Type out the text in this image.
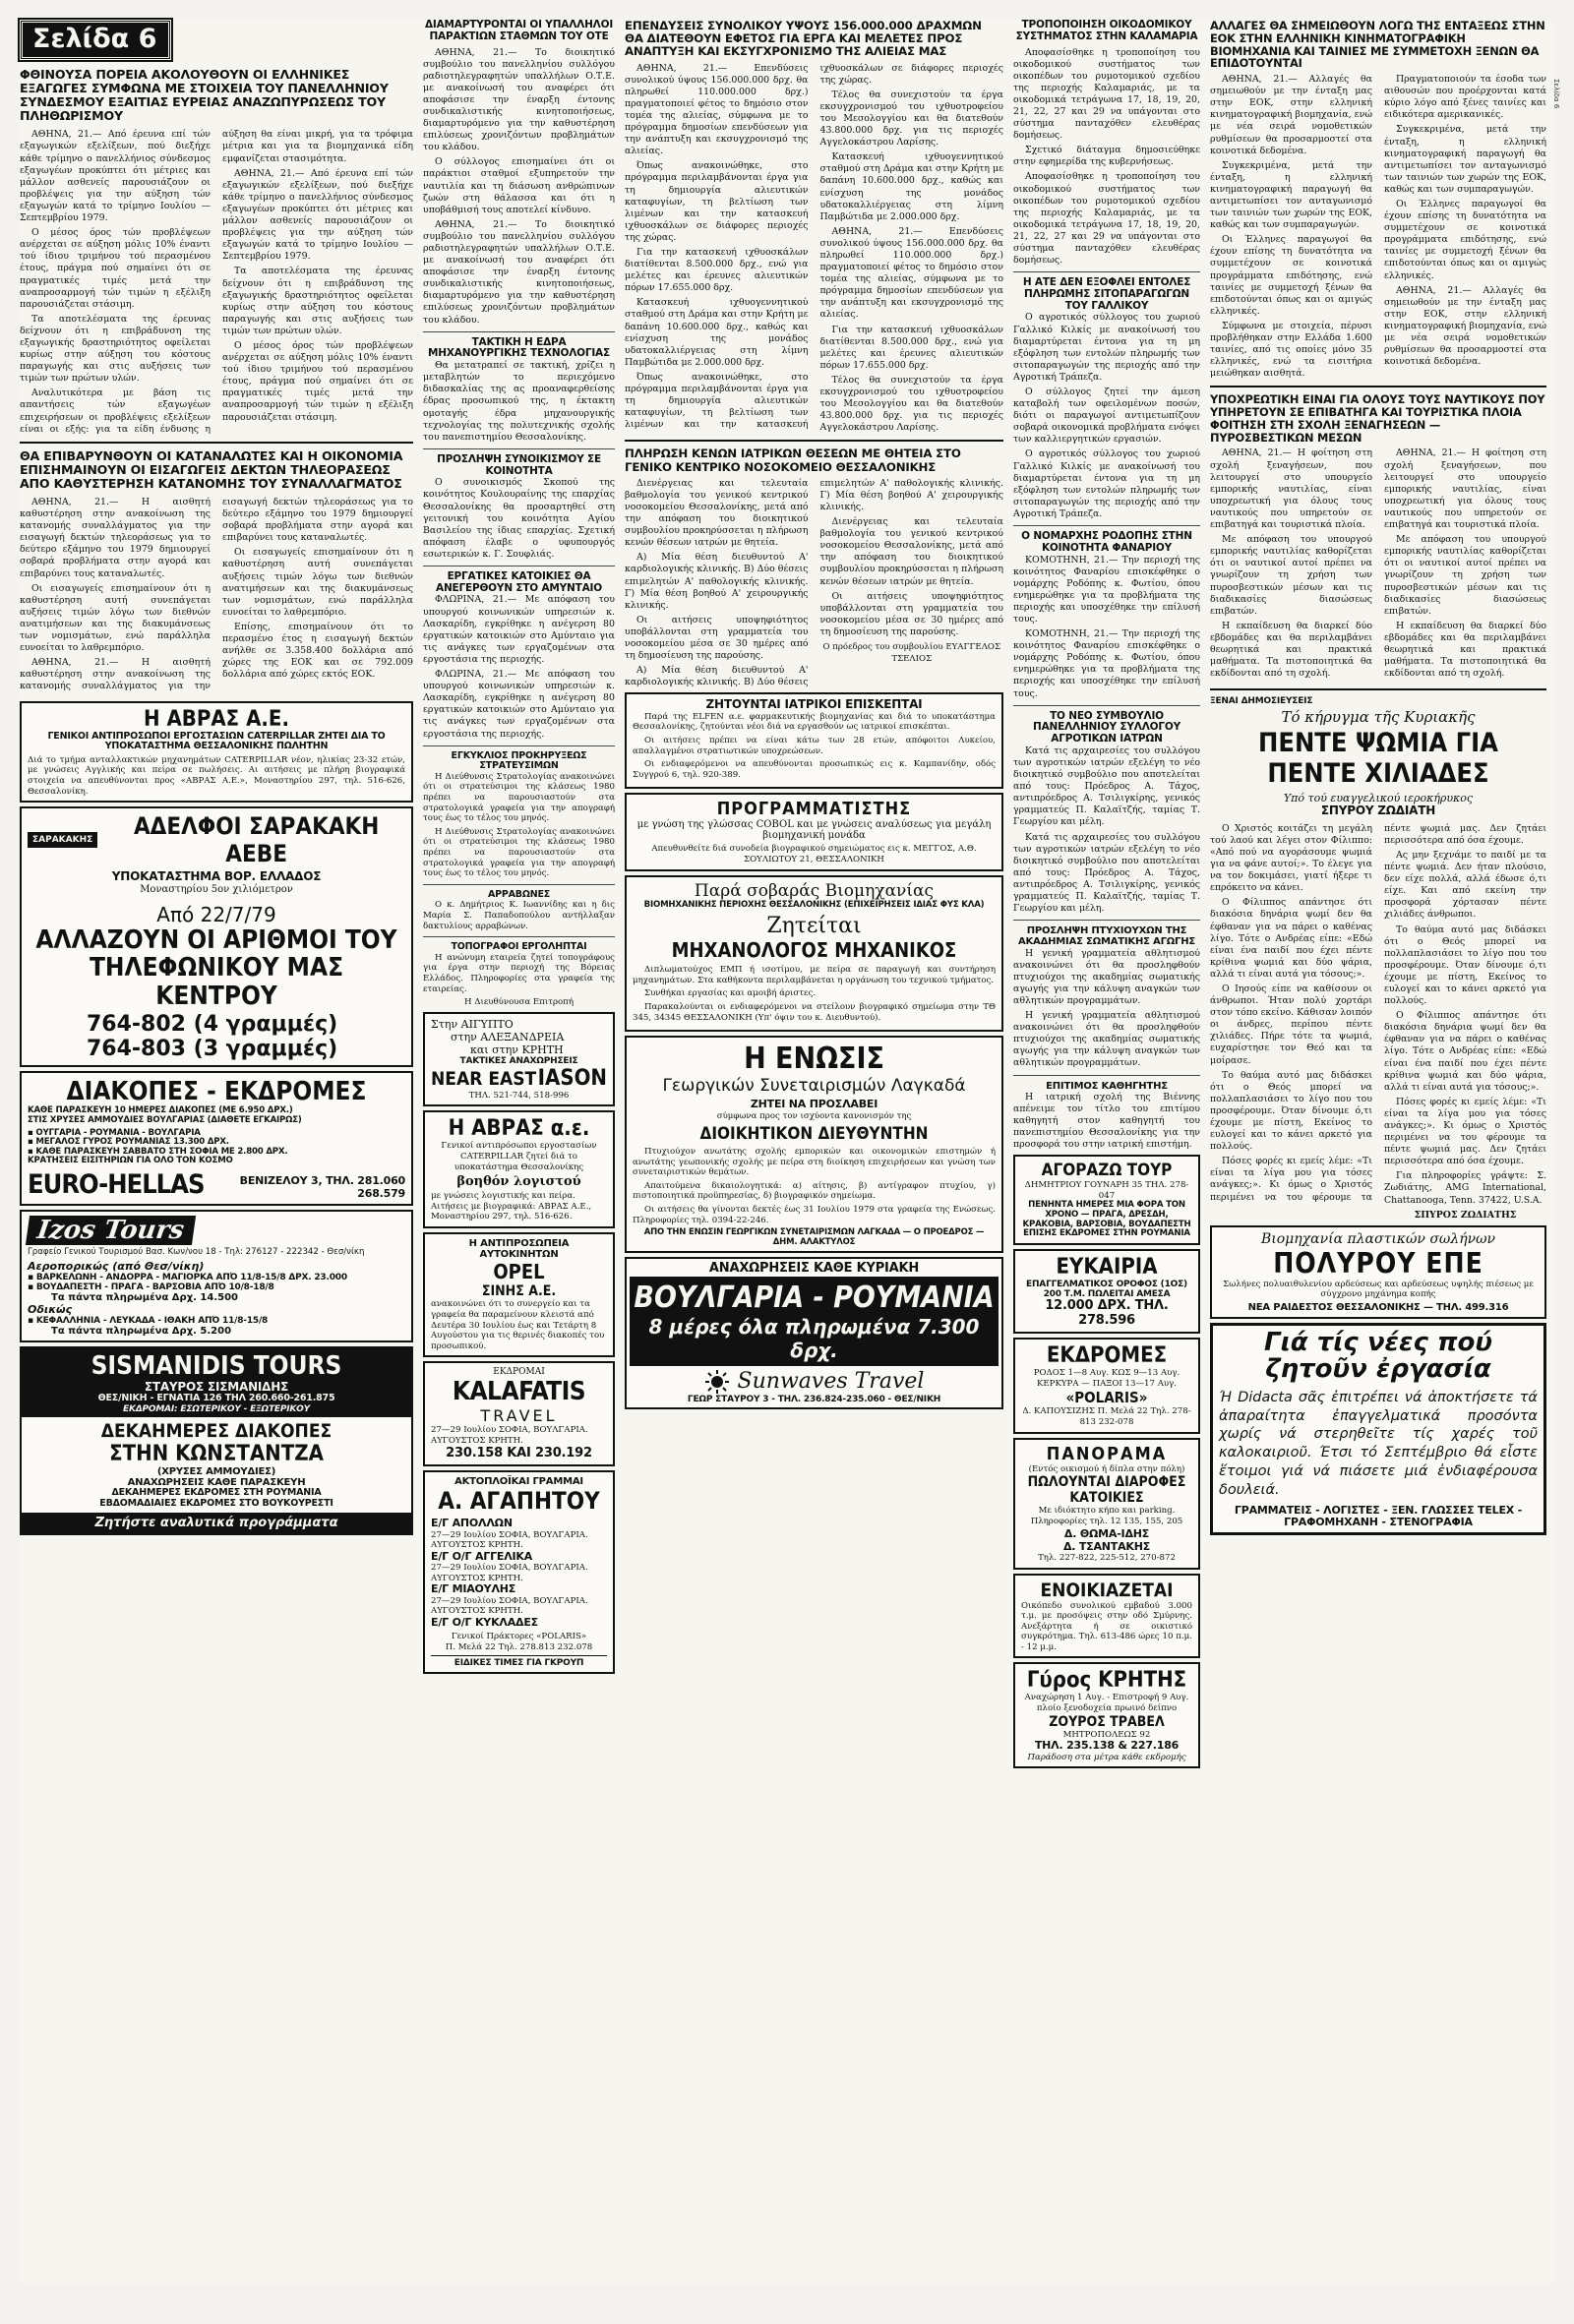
Σελίδα 6
ΦΘΙΝΟΥΣΑ ΠΟΡΕΙΑ ΑΚΟΛΟΥΘΟΥΝ ΟΙ ΕΛΛΗΝΙΚΕΣ ΕΞΑΓΩΓΕΣ ΣΥΜΦΩΝΑ ΜΕ ΣΤΟΙΧΕΙΑ ΤΟΥ ΠΑΝΕΛΛΗΝΙΟΥ ΣΥΝΔΕΣΜΟΥ ΕΞΑΙΤΙΑΣ ΕΥΡΕΙΑΣ ΑΝΑΖΩΠΥΡΩΣΕΩΣ ΤΟΥ ΠΛΗΘΩΡΙΣΜΟΥ

ΑΘΗΝΑ, 21.— Από έρευνα επί τών εξαγωγικών εξελίξεων, πού διεξήχε κάθε τρίμηνο ο πανελλήνιος σύνδεσμος εξαγωγέων προκύπτει ότι μέτριες και μάλλον ασθενείς παρουσιάζουν οι προβλέψεις για την αύξηση τών εξαγωγών κατά το τρίμηνο Ιουλίου — Σεπτεμβρίου 1979.

Ο μέσος όρος τών προβλέψεων ανέρχεται σε αύξηση μόλις 10% έναντι τού ίδιου τριμήνου τού περασμένου έτους, πράγμα πού σημαίνει ότι σε πραγματικές τιμές μετά την αναπροσαρμογή τών τιμών η εξέλιξη παρουσιάζεται στάσιμη.

Τα αποτελέσματα της έρευνας δείχνουν ότι η επιβράδυνση της εξαγωγικής δραστηριότητος οφείλεται κυρίως στην αύξηση του κόστους παραγωγής και στις αυξήσεις των τιμών των πρώτων υλών.

Αναλυτικότερα με βάση τις απαντήσεις τών εξαγωγέων επιχειρήσεων οι προβλέψεις εξελίξεων είναι οι εξής: για τα είδη ένδυσης η αύξηση θα είναι μικρή, για τα τρόφιμα μέτρια και για τα βιομηχανικά είδη εμφανίζεται στασιμότητα.

ΑΘΗΝΑ, 21.— Από έρευνα επί τών εξαγωγικών εξελίξεων, πού διεξήχε κάθε τρίμηνο ο πανελλήνιος σύνδεσμος εξαγωγέων προκύπτει ότι μέτριες και μάλλον ασθενείς παρουσιάζουν οι προβλέψεις για την αύξηση τών εξαγωγών κατά το τρίμηνο Ιουλίου — Σεπτεμβρίου 1979.

Τα αποτελέσματα της έρευνας δείχνουν ότι η επιβράδυνση της εξαγωγικής δραστηριότητος οφείλεται κυρίως στην αύξηση του κόστους παραγωγής και στις αυξήσεις των τιμών των πρώτων υλών.

Ο μέσος όρος τών προβλέψεων ανέρχεται σε αύξηση μόλις 10% έναντι τού ίδιου τριμήνου τού περασμένου έτους, πράγμα πού σημαίνει ότι σε πραγματικές τιμές μετά την αναπροσαρμογή τών τιμών η εξέλιξη παρουσιάζεται στάσιμη.

ΘΑ ΕΠΙΒΑΡΥΝΘΟΥΝ ΟΙ ΚΑΤΑΝΑΛΩΤΕΣ ΚΑΙ Η ΟΙΚΟΝΟΜΙΑ ΕΠΙΣΗΜΑΙΝΟΥΝ ΟΙ ΕΙΣΑΓΩΓΕΙΣ ΔΕΚΤΩΝ ΤΗΛΕΟΡΑΣΕΩΣ ΑΠΟ ΚΑΘΥΣΤΕΡΗΣΗ ΚΑΤΑΝΟΜΗΣ ΤΟΥ ΣΥΝΑΛΛΑΓΜΑΤΟΣ

ΑΘΗΝΑ, 21.— Η αισθητή καθυστέρηση στην ανακοίνωση της κατανομής συναλλάγματος για την εισαγωγή δεκτών τηλεοράσεως για το δεύτερο εξάμηνο του 1979 δημιουργεί σοβαρά προβλήματα στην αγορά και επιβαρύνει τους καταναλωτές.

Οι εισαγωγείς επισημαίνουν ότι η καθυστέρηση αυτή συνεπάγεται αυξήσεις τιμών λόγω των διεθνών ανατιμήσεων και της διακυμάνσεως των νομισμάτων, ενώ παράλληλα ευνοείται το λαθρεμπόριο.

ΑΘΗΝΑ, 21.— Η αισθητή καθυστέρηση στην ανακοίνωση της κατανομής συναλλάγματος για την εισαγωγή δεκτών τηλεοράσεως για το δεύτερο εξάμηνο του 1979 δημιουργεί σοβαρά προβλήματα στην αγορά και επιβαρύνει τους καταναλωτές.

Οι εισαγωγείς επισημαίνουν ότι η καθυστέρηση αυτή συνεπάγεται αυξήσεις τιμών λόγω των διεθνών ανατιμήσεων και της διακυμάνσεως των νομισμάτων, ενώ παράλληλα ευνοείται το λαθρεμπόριο.

Επίσης, επισημαίνουν ότι το περασμένο έτος η εισαγωγή δεκτών ανήλθε σε 3.358.400 δολλάρια από χώρες της ΕΟΚ και σε 792.009 δολλάρια από χώρες εκτός ΕΟΚ.

Η ΑΒΡΑΣ Α.Ε.
ΓΕΝΙΚΟΙ ΑΝΤΙΠΡΟΣΩΠΟΙ ΕΡΓΟΣΤΑΣΙΩΝ CATERPILLAR ΖΗΤΕΙ ΔΙΑ ΤΟ ΥΠΟΚΑΤΑΣΤΗΜΑ ΘΕΣΣΑΛΟΝΙΚΗΣ ΠΩΛΗΤΗΝ
Διά το τμήμα ανταλλακτικών μηχανημάτων CATERPILLAR νέον, ηλικίας 23-32 ετών, με γνώσεις Αγγλικής και πείρα σε πωλήσεις. Αι αιτήσεις με πλήρη βιογραφικά στοιχεία να απευθύνονται προς «ΑΒΡΑΣ Α.Ε.», Μοναστηρίου 297, τηλ. 516-626, Θεσσαλονίκη.
ΣΑΡΑΚΑΚΗΣ	ΑΔΕΛΦΟΙ ΣΑΡΑΚΑΚΗ ΑΕΒΕ
ΥΠΟΚΑΤΑΣΤΗΜΑ ΒΟΡ. ΕΛΛΑΔΟΣ
Μοναστηρίου 5ον χιλιόμετρον
Από 22/7/79
ΑΛΛΑΖΟΥΝ ΟΙ ΑΡΙΘΜΟΙ ΤΟΥ ΤΗΛΕΦΩΝΙΚΟΥ ΜΑΣ ΚΕΝΤΡΟΥ
764-802 (4 γραμμές)
764-803 (3 γραμμές)
ΔΙΑΚΟΠΕΣ - ΕΚΔΡΟΜΕΣ
ΚΑΘΕ ΠΑΡΑΣΚΕΥΗ 10 ΗΜΕΡΕΣ ΔΙΑΚΟΠΕΣ (ΜΕ 6.950 ΔΡΧ.)
ΣΤΙΣ ΧΡΥΣΕΣ ΑΜΜΟΥΔΙΕΣ ΒΟΥΛΓΑΡΙΑΣ (ΔΙΑΘΕΤΕ ΕΓΚΑΙΡΩΣ)
▪ ΟΥΓΓΑΡΙΑ - ΡΟΥΜΑΝΙΑ - ΒΟΥΛΓΑΡΙΑ
▪ ΜΕΓΑΛΟΣ ΓΥΡΟΣ ΡΟΥΜΑΝΙΑΣ 13.300 ΔΡΧ.
▪ ΚΑΘΕ ΠΑΡΑΣΚΕΥΗ ΣΑΒΒΑΤΟ ΣΤΗ ΣΟΦΙΑ ΜΕ 2.800 ΔΡΧ.
ΚΡΑΤΗΣΕΙΣ ΕΙΣΙΤΗΡΙΩΝ ΓΙΑ ΟΛΟ ΤΟΝ ΚΟΣΜΟ
EURO-HELLAS	ΒΕΝΙΖΕΛΟΥ 3, ΤΗΛ. 281.060
268.579
Izos Tours
Γραφείο Γενικού Τουρισμού Βασ. Κων/νου 18 - Τηλ: 276127 - 222342 - Θεσ/νίκη
Αεροπορικώς (από Θεσ/νίκη)
▪ ΒΑΡΚΕΛΩΝΗ - ΑΝΔΟΡΡΑ - ΜΑΓΙΟΡΚΑ ΑΠΌ 11/8-15/8 ΔΡΧ. 23.000
▪ ΒΟΥΔΑΠΕΣΤΗ - ΠΡΑΓΑ - ΒΑΡΣΟΒΙΑ ΑΠΌ 10/8-18/8
Τα πάντα πληρωμένα Δρχ. 14.500
Οδικώς
▪ ΚΕΦΑΛΛΗΝΙΑ - ΛΕΥΚΑΔΑ - ΙΘΑΚΗ ΑΠΌ 11/8-15/8
Τα πάντα πληρωμένα Δρχ. 5.200
SISMANIDIS TOURS
ΣΤΑΥΡΟΣ ΣΙΣΜΑΝΙΔΗΣ
ΘΕΣ/ΝΙΚΗ - ΕΓΝΑΤΙΑ 126 ΤΗΛ 260.660-261.875
ΕΚΔΡΟΜΑΙ: ΕΣΩΤΕΡΙΚΟΥ - ΕΞΩΤΕΡΙΚΟΥ
ΔΕΚΑΗΜΕΡΕΣ ΔΙΑΚΟΠΕΣ
ΣΤΗΝ ΚΩΝΣΤΑΝΤΖΑ
(ΧΡΥΣΕΣ ΑΜΜΟΥΔΙΕΣ)
ΑΝΑΧΩΡΗΣΕΙΣ ΚΑΘΕ ΠΑΡΑΣΚΕΥΗ
ΔΕΚΑΗΜΕΡΕΣ ΕΚΔΡΟΜΕΣ ΣΤΗ ΡΟΥΜΑΝΙΑ
ΕΒΔΟΜΑΔΙΑΙΕΣ ΕΚΔΡΟΜΕΣ ΣΤΟ ΒΟΥΚΟΥΡΕΣΤΙ
Ζητήστε αναλυτικά προγράμματα
ΔΙΑΜΑΡΤΥΡΟΝΤΑΙ ΟΙ ΥΠΑΛΛΗΛΟΙ ΠΑΡΑΚΤΙΩΝ ΣΤΑΘΜΩΝ ΤΟΥ ΟΤΕ

ΑΘΗΝΑ, 21.— Το διοικητικό συμβούλιο του πανελληνίου συλλόγου ραδιοτηλεγραφητών υπαλλήλων Ο.Τ.Ε. με ανακοίνωσή του αναφέρει ότι αποφάσισε την έναρξη έντονης συνδικαλιστικής κινητοποιήσεως, διαμαρτυρόμενο για την καθυστέρηση επιλύσεως χρονιζόντων προβλημάτων του κλάδου.

Ο σύλλογος επισημαίνει ότι οι παράκτιοι σταθμοί εξυπηρετούν την ναυτιλία και τη διάσωση ανθρώπινων ζωών στη θάλασσα και ότι η υποβάθμισή τους αποτελεί κίνδυνο.

ΑΘΗΝΑ, 21.— Το διοικητικό συμβούλιο του πανελληνίου συλλόγου ραδιοτηλεγραφητών υπαλλήλων Ο.Τ.Ε. με ανακοίνωσή του αναφέρει ότι αποφάσισε την έναρξη έντονης συνδικαλιστικής κινητοποιήσεως, διαμαρτυρόμενο για την καθυστέρηση επιλύσεως χρονιζόντων προβλημάτων του κλάδου.

ΤΑΚΤΙΚΗ Η ΕΔΡΑ ΜΗΧΑΝΟΥΡΓΙΚΗΣ ΤΕΧΝΟΛΟΓΙΑΣ

Θα μετατραπεί σε τακτική, χρίζει η μεταβλητών το περιεχόμενο διδασκαλίας της ας προαναφερθείσης έδρας προσωπικού της, η έκτακτη ομοταγής έδρα μηχανουργικής τεχνολογίας της πολυτεχνικής σχολής του πανεπιστημίου Θεσσαλονίκης.

ΠΡΟΣΛΗΨΗ ΣΥΝΟΙΚΙΣΜΟΥ ΣΕ ΚΟΙΝΟΤΗΤΑ

Ο συνοικισμός Σκοπού της κοινότητος Κουλουραίνης της επαρχίας Θεσσαλονίκης θα προσαρτηθεί στη γειτονική του κοινότητα Αγίου Βασιλείου της ίδιας επαρχίας. Σχετική απόφαση έλαβε ο υφυπουργός εσωτερικών κ. Γ. Σουφλιάς.

ΕΡΓΑΤΙΚΕΣ ΚΑΤΟΙΚΙΕΣ ΘΑ ΑΝΕΓΕΡΘΟΥΝ ΣΤΟ ΑΜΥΝΤΑΙΟ

ΦΛΩΡΙΝΑ, 21.— Με απόφαση του υπουργού κοινωνικών υπηρεσιών κ. Λασκαρίδη, εγκρίθηκε η ανέγερση 80 εργατικών κατοικιών στο Αμύνταιο για τις ανάγκες των εργαζομένων στα εργοστάσια της περιοχής.

ΦΛΩΡΙΝΑ, 21.— Με απόφαση του υπουργού κοινωνικών υπηρεσιών κ. Λασκαρίδη, εγκρίθηκε η ανέγερση 80 εργατικών κατοικιών στο Αμύνταιο για τις ανάγκες των εργαζομένων στα εργοστάσια της περιοχής.

ΕΓΚΥΚΛΙΟΣ ΠΡΟΚΗΡΥΞΕΩΣ ΣΤΡΑΤΕΥΣΙΜΩΝ

Η Διεύθυνσις Στρατολογίας ανακοινώνει ότι οι στρατεύσιμοι της κλάσεως 1980 πρέπει να παρουσιαστούν στα στρατολογικά γραφεία για την απογραφή τους έως το τέλος του μηνός.

Η Διεύθυνσις Στρατολογίας ανακοινώνει ότι οι στρατεύσιμοι της κλάσεως 1980 πρέπει να παρουσιαστούν στα στρατολογικά γραφεία για την απογραφή τους έως το τέλος του μηνός.

ΑΡΡΑΒΩΝΕΣ

Ο κ. Δημήτριος Κ. Ιωαννίδης και η δις Μαρία Σ. Παπαδοπούλου αντήλλαξαν δακτυλίους αρραβώνων.

ΤΟΠΟΓΡΑΦΟΙ ΕΡΓΟΛΗΠΤΑΙ

Η ανώνυμη εταιρεία ζητεί τοπογράφους για έργα στην περιοχή της Βόρειας Ελλάδος. Πληροφορίες στα γραφεία της εταιρείας.

Η Διευθύνουσα Επιτροπή
Στην ΑΙΓΥΠΤΟ
στην ΑΛΕΞΑΝΔΡΕΙΑ
και στην ΚΡΗΤΗ
ΤΑΚΤΙΚΕΣ ΑΝΑΧΩΡΗΣΕΙΣ
NEAR EAST IASON
ΤΗΛ. 521-744, 518-996
Η ΑΒΡΑΣ α.ε.
Γενικοί αντιπρόσωποι εργοστασίων CATERPILLAR ζητεί διά το υποκατάστημα Θεσσαλονίκης
βοηθόν λογιστού
με γνώσεις λογιστικής και πείρα. Αιτήσεις με βιογραφικά: ΑΒΡΑΣ Α.Ε., Μοναστηρίου 297, τηλ. 516-626.
Η ΑΝΤΙΠΡΟΣΩΠΕΙΑ ΑΥΤΟΚΙΝΗΤΩΝ
OPEL
ΣΙΝΗΣ Α.Ε.
ανακοινώνει ότι το συνεργείο και τα γραφεία θα παραμείνουν κλειστά από Δευτέρα 30 Ιουλίου έως και Τετάρτη 8 Αυγούστου για τις θερινές διακοπές του προσωπικού.
ΕΚΔΡΟΜΑΙ
KALAFATIS
TRAVEL
27—29 Ιουλίου ΣΟΦΙΑ, ΒΟΥΛΓΑΡΙΑ. ΑΥΓΟΥΣΤΟΣ ΚΡΗΤΗ.
230.158 ΚΑΙ 230.192
ΑΚΤΟΠΛΟΪΚΑΙ ΓΡΑΜΜΑΙ
Α. ΑΓΑΠΗΤΟΥ
Ε/Γ ΑΠΟΛΛΩΝ
27—29 Ιουλίου ΣΟΦΙΑ, ΒΟΥΛΓΑΡΙΑ. ΑΥΓΟΥΣΤΟΣ ΚΡΗΤΗ.
Ε/Γ Ο/Γ ΑΓΓΕΛΙΚΑ
27—29 Ιουλίου ΣΟΦΙΑ, ΒΟΥΛΓΑΡΙΑ. ΑΥΓΟΥΣΤΟΣ ΚΡΗΤΗ.
Ε/Γ ΜΙΑΟΥΛΗΣ
27—29 Ιουλίου ΣΟΦΙΑ, ΒΟΥΛΓΑΡΙΑ. ΑΥΓΟΥΣΤΟΣ ΚΡΗΤΗ.
Ε/Γ Ο/Γ ΚΥΚΛΑΔΕΣ
Γενικοί Πράκτορες «POLARIS»
Π. Μελά 22 Τηλ. 278.813 232.078
ΕΙΔΙΚΕΣ ΤΙΜΕΣ ΓΙΑ ΓΚΡΟΥΠ
ΕΠΕΝΔΥΣΕΙΣ ΣΥΝΟΛΙΚΟΥ ΥΨΟΥΣ 156.000.000 ΔΡΑΧΜΩΝ ΘΑ ΔΙΑΤΕΘΟΥΝ ΕΦΕΤΟΣ ΓΙΑ ΕΡΓΑ ΚΑΙ ΜΕΛΕΤΕΣ ΠΡΟΣ ΑΝΑΠΤΥΞΗ ΚΑΙ ΕΚΣΥΓΧΡΟΝΙΣΜΟ ΤΗΣ ΑΛΙΕΙΑΣ ΜΑΣ

ΑΘΗΝΑ, 21.— Επενδύσεις συνολικού ύψους 156.000.000 δρχ. θα πληρωθεί 110.000.000 δρχ.) πραγματοποιεί φέτος το δημόσιο στον τομέα της αλιείας, σύμφωνα με το πρόγραμμα δημοσίων επενδύσεων για την ανάπτυξη και εκσυγχρονισμό της αλιείας.

Όπως ανακοινώθηκε, στο πρόγραμμα περιλαμβάνονται έργα για τη δημιουργία αλιευτικών καταφυγίων, τη βελτίωση των λιμένων και την κατασκευή ιχθυοσκάλων σε διάφορες περιοχές της χώρας.

Για την κατασκευή ιχθυοσκάλων διατίθενται 8.500.000 δρχ., ενώ για μελέτες και έρευνες αλιευτικών πόρων 17.655.000 δρχ.

Κατασκευή ιχθυογεννητικού σταθμού στη Δράμα και στην Κρήτη με δαπάνη 10.600.000 δρχ., καθώς και ενίσχυση της μονάδος υδατοκαλλιέργειας στη λίμνη Παμβώτιδα με 2.000.000 δρχ.

Όπως ανακοινώθηκε, στο πρόγραμμα περιλαμβάνονται έργα για τη δημιουργία αλιευτικών καταφυγίων, τη βελτίωση των λιμένων και την κατασκευή ιχθυοσκάλων σε διάφορες περιοχές της χώρας.

Τέλος θα συνεχιστούν τα έργα εκσυγχρονισμού του ιχθυοτροφείου του Μεσολογγίου και θα διατεθούν 43.800.000 δρχ. για τις περιοχές Αγγελοκάστρου Λαρίσης.

Κατασκευή ιχθυογεννητικού σταθμού στη Δράμα και στην Κρήτη με δαπάνη 10.600.000 δρχ., καθώς και ενίσχυση της μονάδος υδατοκαλλιέργειας στη λίμνη Παμβώτιδα με 2.000.000 δρχ.

ΑΘΗΝΑ, 21.— Επενδύσεις συνολικού ύψους 156.000.000 δρχ. θα πληρωθεί 110.000.000 δρχ.) πραγματοποιεί φέτος το δημόσιο στον τομέα της αλιείας, σύμφωνα με το πρόγραμμα δημοσίων επενδύσεων για την ανάπτυξη και εκσυγχρονισμό της αλιείας.

Για την κατασκευή ιχθυοσκάλων διατίθενται 8.500.000 δρχ., ενώ για μελέτες και έρευνες αλιευτικών πόρων 17.655.000 δρχ.

Τέλος θα συνεχιστούν τα έργα εκσυγχρονισμού του ιχθυοτροφείου του Μεσολογγίου και θα διατεθούν 43.800.000 δρχ. για τις περιοχές Αγγελοκάστρου Λαρίσης.

ΠΛΗΡΩΣΗ ΚΕΝΩΝ ΙΑΤΡΙΚΩΝ ΘΕΣΕΩΝ ΜΕ ΘΗΤΕΙΑ ΣΤΟ ΓΕΝΙΚΟ ΚΕΝΤΡΙΚΟ ΝΟΣΟΚΟΜΕΙΟ ΘΕΣΣΑΛΟΝΙΚΗΣ

Διενέργειας και τελευταία βαθμολογία του γενικού κεντρικού νοσοκομείου Θεσσαλονίκης, μετά από την απόφαση του διοικητικού συμβουλίου προκηρύσσεται η πλήρωση κενών θέσεων ιατρών με θητεία.

Α) Μία θέση διευθυντού Α' καρδιολογικής κλινικής. Β) Δύο θέσεις επιμελητών Α' παθολογικής κλινικής. Γ) Μία θέση βοηθού Α' χειρουργικής κλινικής.

Οι αιτήσεις υποψηφιότητος υποβάλλονται στη γραμματεία του νοσοκομείου μέσα σε 30 ημέρες από τη δημοσίευση της παρούσης.

Α) Μία θέση διευθυντού Α' καρδιολογικής κλινικής. Β) Δύο θέσεις επιμελητών Α' παθολογικής κλινικής. Γ) Μία θέση βοηθού Α' χειρουργικής κλινικής.

Διενέργειας και τελευταία βαθμολογία του γενικού κεντρικού νοσοκομείου Θεσσαλονίκης, μετά από την απόφαση του διοικητικού συμβουλίου προκηρύσσεται η πλήρωση κενών θέσεων ιατρών με θητεία.

Οι αιτήσεις υποψηφιότητος υποβάλλονται στη γραμματεία του νοσοκομείου μέσα σε 30 ημέρες από τη δημοσίευση της παρούσης.

Ο πρόεδρος του συμβουλίου ΕΥΑΓΓΕΛΟΣ ΤΣΕΛΙΟΣ

ΖΗΤΟΥΝΤΑΙ ΙΑΤΡΙΚΟΙ ΕΠΙΣΚΕΠΤΑΙ

Παρά της ELFEN α.ε. φαρμακευτικής βιομηχανίας και διά το υποκατάστημα Θεσσαλονίκης, ζητούνται νέοι διά να εργασθούν ως ιατρικοί επισκέπται.

Οι αιτήσεις πρέπει να είναι κάτω των 28 ετών, απόφοιτοι Λυκείου, απαλλαγμένοι στρατιωτικών υποχρεώσεων.

Οι ενδιαφερόμενοι να απευθύνονται προσωπικώς εις κ. Καμπανίδην, οδός Συγγρού 6, τηλ. 920-389.

ΠΡΟΓΡΑΜΜΑΤΙΣΤΗΣ
με γνώση της γλώσσας COBOL και με γνώσεις αναλύσεως για μεγάλη βιομηχανική μονάδα
Απευθυνθείτε διά συνοδεία βιογραφικού σημειώματος εις κ. ΜΕΓΓΟΣ, Α.Θ. ΣΟΥΛΙΩΤΟΥ 21, ΘΕΣΣΑΛΟΝΙΚΗ
Παρά σοβαράς Βιομηχανίας
ΒΙΟΜΗΧΑΝΙΚΗΣ ΠΕΡΙΟΧΗΣ ΘΕΣΣΑΛΟΝΙΚΗΣ (ΕΠΙΧΕΙΡΗΣΕΙΣ ΙΔΙΑΣ ΦΥΣ ΚΛΑ)
Ζητείται
ΜΗΧΑΝΟΛΟΓΟΣ ΜΗΧΑΝΙΚΟΣ

Διπλωματούχος ΕΜΠ ή ισοτίμου, με πείρα σε παραγωγή και συντήρηση μηχανημάτων. Στα καθήκοντα περιλαμβάνεται η οργάνωση του τεχνικού τμήματος.

Συνθήκαι εργασίας και αμοιβή άριστες.

Παρακαλούνται οι ενδιαφερόμενοι να στείλουν βιογραφικό σημείωμα στην ΤΘ 345, 34345 ΘΕΣΣΑΛΟΝΙΚΗ (Υπ' όψιν του κ. Διευθυντού).

Η ΕΝΩΣΙΣ
Γεωργικών Συνεταιρισμών Λαγκαδά
ΖΗΤΕΙ ΝΑ ΠΡΟΣΛΑΒΕΙ
σύμφωνα προς τον ισχύοντα κανονισμόν της
ΔΙΟΙΚΗΤΙΚΟΝ ΔΙΕΥΘΥΝΤΗΝ

Πτυχιούχον ανωτάτης σχολής εμπορικών και οικονομικών επιστημών ή ανωτάτης γεωπονικής σχολής με πείρα στη διοίκηση επιχειρήσεων και γνώση των συνεταιριστικών θεμάτων.

Απαιτούμενα δικαιολογητικά: α) αίτησις, β) αντίγραφον πτυχίου, γ) πιστοποιητικά προϋπηρεσίας, δ) βιογραφικόν σημείωμα.

Οι αιτήσεις θα γίνονται δεκτές έως 31 Ιουλίου 1979 στα γραφεία της Ενώσεως. Πληροφορίες τηλ. 0394-22-246.

ΑΠΟ ΤΗΝ ΕΝΩΣΙΝ ΓΕΩΡΓΙΚΩΝ ΣΥΝΕΤΑΙΡΙΣΜΩΝ ΛΑΓΚΑΔΑ — Ο ΠΡΟΕΔΡΟΣ — ΔΗΜ. ΑΛΑΚΤΥΛΟΣ
ΑΝΑΧΩΡΗΣΕΙΣ ΚΑΘΕ ΚΥΡΙΑΚΗ
ΒΟΥΛΓΑΡΙΑ - ΡΟΥΜΑΝΙΑ
8 μέρες όλα πληρωμένα 7.300 δρχ.
Sunwaves Travel
ΓΕΩΡ ΣΤΑΥΡΟΥ 3 - ΤΗΛ. 236.824-235.060 - ΘΕΣ/ΝΙΚΗ
ΤΡΟΠΟΠΟΙΗΣΗ ΟΙΚΟΔΟΜΙΚΟΥ ΣΥΣΤΗΜΑΤΟΣ ΣΤΗΝ ΚΑΛΑΜΑΡΙΑ

Αποφασίσθηκε η τροποποίηση του οικοδομικού συστήματος των οικοπέδων του ρυμοτομικού σχεδίου της περιοχής Καλαμαριάς, με τα οικοδομικά τετράγωνα 17, 18, 19, 20, 21, 22, 27 και 29 να υπάγονται στο σύστημα πανταχόθεν ελευθέρας δομήσεως.

Σχετικό διάταγμα δημοσιεύθηκε στην εφημερίδα της κυβερνήσεως.

Αποφασίσθηκε η τροποποίηση του οικοδομικού συστήματος των οικοπέδων του ρυμοτομικού σχεδίου της περιοχής Καλαμαριάς, με τα οικοδομικά τετράγωνα 17, 18, 19, 20, 21, 22, 27 και 29 να υπάγονται στο σύστημα πανταχόθεν ελευθέρας δομήσεως.

Η ΑΤΕ ΔΕΝ ΕΞΟΦΛΕΙ ΕΝΤΟΛΕΣ ΠΛΗΡΩΜΗΣ ΣΙΤΟΠΑΡΑΓΩΓΩΝ ΤΟΥ ΓΑΛΛΙΚΟΥ

Ο αγροτικός σύλλογος του χωριού Γαλλικό Κιλκίς με ανακοίνωσή του διαμαρτύρεται έντονα για τη μη εξόφληση των εντολών πληρωμής των σιτοπαραγωγών της περιοχής από την Αγροτική Τράπεζα.

Ο σύλλογος ζητεί την άμεση καταβολή των οφειλομένων ποσών, διότι οι παραγωγοί αντιμετωπίζουν σοβαρά οικονομικά προβλήματα ενόψει των καλλιεργητικών εργασιών.

Ο αγροτικός σύλλογος του χωριού Γαλλικό Κιλκίς με ανακοίνωσή του διαμαρτύρεται έντονα για τη μη εξόφληση των εντολών πληρωμής των σιτοπαραγωγών της περιοχής από την Αγροτική Τράπεζα.

Ο ΝΟΜΑΡΧΗΣ ΡΟΔΟΠΗΣ ΣΤΗΝ ΚΟΙΝΟΤΗΤΑ ΦΑΝΑΡΙΟΥ

ΚΟΜΟΤΗΝΗ, 21.— Την περιοχή της κοινότητος Φαναρίου επισκέφθηκε ο νομάρχης Ροδόπης κ. Φωτίου, όπου ενημερώθηκε για τα προβλήματα της περιοχής και υποσχέθηκε την επίλυσή τους.

ΚΟΜΟΤΗΝΗ, 21.— Την περιοχή της κοινότητος Φαναρίου επισκέφθηκε ο νομάρχης Ροδόπης κ. Φωτίου, όπου ενημερώθηκε για τα προβλήματα της περιοχής και υποσχέθηκε την επίλυσή τους.

ΤΟ ΝΕΟ ΣΥΜΒΟΥΛΙΟ ΠΑΝΕΛΛΗΝΙΟΥ ΣΥΛΛΟΓΟΥ ΑΓΡΟΤΙΚΩΝ ΙΑΤΡΩΝ

Κατά τις αρχαιρεσίες του συλλόγου των αγροτικών ιατρών εξελέγη το νέο διοικητικό συμβούλιο που αποτελείται από τους: Πρόεδρος Α. Τάχος, αντιπρόεδρος Α. Τσιλιγκίρης, γενικός γραμματεύς Π. Καλαϊτζής, ταμίας Τ. Γεωργίου και μέλη.

Κατά τις αρχαιρεσίες του συλλόγου των αγροτικών ιατρών εξελέγη το νέο διοικητικό συμβούλιο που αποτελείται από τους: Πρόεδρος Α. Τάχος, αντιπρόεδρος Α. Τσιλιγκίρης, γενικός γραμματεύς Π. Καλαϊτζής, ταμίας Τ. Γεωργίου και μέλη.

ΠΡΟΣΛΗΨΗ ΠΤΥΧΙΟΥΧΩΝ ΤΗΣ ΑΚΑΔΗΜΙΑΣ ΣΩΜΑΤΙΚΗΣ ΑΓΩΓΗΣ

Η γενική γραμματεία αθλητισμού ανακοινώνει ότι θα προσληφθούν πτυχιούχοι της ακαδημίας σωματικής αγωγής για την κάλυψη αναγκών των αθλητικών προγραμμάτων.

Η γενική γραμματεία αθλητισμού ανακοινώνει ότι θα προσληφθούν πτυχιούχοι της ακαδημίας σωματικής αγωγής για την κάλυψη αναγκών των αθλητικών προγραμμάτων.

ΕΠΙΤΙΜΟΣ ΚΑΘΗΓΗΤΗΣ

Η ιατρική σχολή της Βιέννης απένειμε τον τίτλο του επιτίμου καθηγητή στον καθηγητή του πανεπιστημίου Θεσσαλονίκης για την προσφορά του στην ιατρική επιστήμη.

ΑΓΟΡΑΖΩ ΤΟΥΡ
ΔΗΜΗΤΡΙΟΥ ΓΟΥΝΑΡΗ 35 ΤΗΛ. 278-047
ΠΕΝΗΝΤΑ ΗΜΕΡΕΣ ΜΙΑ ΦΟΡΑ ΤΟΝ ΧΡΟΝΟ — ΠΡΑΓΑ, ΔΡΕΣΔΗ, ΚΡΑΚΟΒΙΑ, ΒΑΡΣΟΒΙΑ, ΒΟΥΔΑΠΕΣΤΗ
ΕΠΙΣΗΣ ΕΚΔΡΟΜΕΣ ΣΤΗΝ ΡΟΥΜΑΝΙΑ
ΕΥΚΑΙΡΙΑ
ΕΠΑΓΓΕΛΜΑΤΙΚΟΣ ΟΡΟΦΟΣ (1ΟΣ) 200 Τ.Μ. ΠΩΛΕΙΤΑΙ ΑΜΕΣΑ
12.000 ΔΡΧ. ΤΗΛ. 278.596
ΕΚΔΡΟΜΕΣ
ΡΟΔΟΣ 1—8 Αυγ. ΚΩΣ 9—13 Αυγ. ΚΕΡΚΥΡΑ — ΠΑΞΟΙ 13—17 Αυγ.
«POLARIS»
Δ. ΚΑΠΟΥΣΙΖΗΣ Π. Μελά 22 Τηλ. 278-813 232-078
ΠΑΝΟΡΑΜΑ
(Εντός οικισμού ή δίπλα στην πόλη)
ΠΩΛΟΥΝΤΑΙ ΔΙΑΡΟΦΕΣ ΚΑΤΟΙΚΙΕΣ
Με ιδιόκτητο κήπο και parking. Πληροφορίες τηλ. 12 135, 155, 205
Δ. ΘΩΜΑ-ΙΔΗΣ
Δ. ΤΣΑΝΤΑΚΗΣ
Τηλ. 227-822, 225-512, 270-872
ΕΝΟΙΚΙΑΖΕΤΑΙ
Οικόπεδο συνολικού εμβαδού 3.000 τ.μ. με προσόψεις στην οδό Σμύρνης. Ανεξάρτητα ή σε οικιστικό συγκρότημα. Τηλ. 613-486 ώρες 10 π.μ. - 12 μ.μ.
Γύρος ΚΡΗΤΗΣ
Αναχώρηση 1 Αυγ. - Επιστροφή 9 Αυγ. πλοίο ξενοδοχεία πρωινό δείπνο
ΖΟΥΡΟΣ ΤΡΑΒΕΛ
ΜΗΤΡΟΠΟΛΕΩΣ 92
ΤΗΛ. 235.138 & 227.186
Παράδοση στα μέτρα κάθε εκδρομής
ΑΛΛΑΓΕΣ ΘΑ ΣΗΜΕΙΩΘΟΥΝ ΛΟΓΩ ΤΗΣ ΕΝΤΑΞΕΩΣ ΣΤΗΝ ΕΟΚ ΣΤΗΝ ΕΛΛΗΝΙΚΗ ΚΙΝΗΜΑΤΟΓΡΑΦΙΚΗ ΒΙΟΜΗΧΑΝΙΑ ΚΑΙ ΤΑΙΝΙΕΣ ΜΕ ΣΥΜΜΕΤΟΧΗ ΞΕΝΩΝ ΘΑ ΕΠΙΔΟΤΟΥΝΤΑΙ

ΑΘΗΝΑ, 21.— Αλλαγές θα σημειωθούν με την ένταξη μας στην ΕΟΚ, στην ελληνική κινηματογραφική βιομηχανία, ενώ με νέα σειρά νομοθετικών ρυθμίσεων θα προσαρμοστεί στα κοινοτικά δεδομένα.

Συγκεκριμένα, μετά την ένταξη, η ελληνική κινηματογραφική παραγωγή θα αντιμετωπίσει τον ανταγωνισμό των ταινιών των χωρών της ΕΟΚ, καθώς και των συμπαραγωγών.

Οι Έλληνες παραγωγοί θα έχουν επίσης τη δυνατότητα να συμμετέχουν σε κοινοτικά προγράμματα επιδότησης, ενώ ταινίες με συμμετοχή ξένων θα επιδοτούνται όπως και οι αμιγώς ελληνικές.

Σύμφωνα με στοιχεία, πέρυσι προβλήθηκαν στην Ελλάδα 1.600 ταινίες, από τις οποίες μόνο 35 ελληνικές, ενώ τα εισιτήρια μειώθηκαν αισθητά.

Πραγματοποιούν τα έσοδα των αιθουσών που προέρχονται κατά κύριο λόγο από ξένες ταινίες και ειδικότερα αμερικανικές.

Συγκεκριμένα, μετά την ένταξη, η ελληνική κινηματογραφική παραγωγή θα αντιμετωπίσει τον ανταγωνισμό των ταινιών των χωρών της ΕΟΚ, καθώς και των συμπαραγωγών.

Οι Έλληνες παραγωγοί θα έχουν επίσης τη δυνατότητα να συμμετέχουν σε κοινοτικά προγράμματα επιδότησης, ενώ ταινίες με συμμετοχή ξένων θα επιδοτούνται όπως και οι αμιγώς ελληνικές.

ΑΘΗΝΑ, 21.— Αλλαγές θα σημειωθούν με την ένταξη μας στην ΕΟΚ, στην ελληνική κινηματογραφική βιομηχανία, ενώ με νέα σειρά νομοθετικών ρυθμίσεων θα προσαρμοστεί στα κοινοτικά δεδομένα.

ΥΠΟΧΡΕΩΤΙΚΗ ΕΙΝΑΙ ΓΙΑ ΟΛΟΥΣ ΤΟΥΣ ΝΑΥΤΙΚΟΥΣ ΠΟΥ ΥΠΗΡΕΤΟΥΝ ΣΕ ΕΠΙΒΑΤΗΓΑ ΚΑΙ ΤΟΥΡΙΣΤΙΚΑ ΠΛΟΙΑ ΦΟΙΤΗΣΗ ΣΤΗ ΣΧΟΛΗ ΞΕΝΑΓΗΣΕΩΝ — ΠΥΡΟΣΒΕΣΤΙΚΩΝ ΜΕΣΩΝ

ΑΘΗΝΑ, 21.— Η φοίτηση στη σχολή ξεναγήσεων, που λειτουργεί στο υπουργείο εμπορικής ναυτιλίας, είναι υποχρεωτική για όλους τους ναυτικούς που υπηρετούν σε επιβατηγά και τουριστικά πλοία.

Με απόφαση του υπουργού εμπορικής ναυτιλίας καθορίζεται ότι οι ναυτικοί αυτοί πρέπει να γνωρίζουν τη χρήση των πυροσβεστικών μέσων και τις διαδικασίες διασώσεως επιβατών.

Η εκπαίδευση θα διαρκεί δύο εβδομάδες και θα περιλαμβάνει θεωρητικά και πρακτικά μαθήματα. Τα πιστοποιητικά θα εκδίδονται από τη σχολή.

ΑΘΗΝΑ, 21.— Η φοίτηση στη σχολή ξεναγήσεων, που λειτουργεί στο υπουργείο εμπορικής ναυτιλίας, είναι υποχρεωτική για όλους τους ναυτικούς που υπηρετούν σε επιβατηγά και τουριστικά πλοία.

Με απόφαση του υπουργού εμπορικής ναυτιλίας καθορίζεται ότι οι ναυτικοί αυτοί πρέπει να γνωρίζουν τη χρήση των πυροσβεστικών μέσων και τις διαδικασίες διασώσεως επιβατών.

Η εκπαίδευση θα διαρκεί δύο εβδομάδες και θα περιλαμβάνει θεωρητικά και πρακτικά μαθήματα. Τα πιστοποιητικά θα εκδίδονται από τη σχολή.

ΞΕΝΑΙ ΔΗΜΟΣΙΕΥΣΕΙΣ
Τό κήρυγμα τῆς Κυριακῆς
ΠΕΝΤΕ ΨΩΜΙΑ ΓΙΑ ΠΕΝΤΕ ΧΙΛΙΑΔΕΣ
Υπό τού ευαγγελικού ιεροκήρυκος
ΣΠΥΡΟΥ ΖΩΔΙΑΤΗ

Ο Χριστός κοιτάζει τη μεγάλη τού λαού και λέγει στον Φίλιππο: «Από πού να αγοράσουμε ψωμιά για να φάνε αυτοί;». Το έλεγε για να τον δοκιμάσει, γιατί ήξερε τι επρόκειτο να κάνει.

Ο Φίλιππος απάντησε ότι διακόσια δηνάρια ψωμί δεν θα έφθαναν για να πάρει ο καθένας λίγο. Τότε ο Ανδρέας είπε: «Εδώ είναι ένα παιδί που έχει πέντε κρίθινα ψωμιά και δύο ψάρια, αλλά τι είναι αυτά για τόσους;».

Ο Ιησούς είπε να καθίσουν οι άνθρωποι. Ήταν πολύ χορτάρι στον τόπο εκείνο. Κάθισαν λοιπόν οι άνδρες, περίπου πέντε χιλιάδες. Πήρε τότε τα ψωμιά, ευχαρίστησε τον Θεό και τα μοίρασε.

Το θαύμα αυτό μας διδάσκει ότι ο Θεός μπορεί να πολλαπλασιάσει το λίγο που του προσφέρουμε. Όταν δίνουμε ό,τι έχουμε με πίστη, Εκείνος το ευλογεί και το κάνει αρκετό για πολλούς.

Πόσες φορές κι εμείς λέμε: «Τι είναι τα λίγα μου για τόσες ανάγκες;». Κι όμως ο Χριστός περιμένει να του φέρουμε τα πέντε ψωμιά μας. Δεν ζητάει περισσότερα από όσα έχουμε.

Ας μην ξεχνάμε το παιδί με τα πέντε ψωμιά. Δεν ήταν πλούσιο, δεν είχε πολλά, αλλά έδωσε ό,τι είχε. Και από εκείνη την προσφορά χόρτασαν πέντε χιλιάδες άνθρωποι.

Το θαύμα αυτό μας διδάσκει ότι ο Θεός μπορεί να πολλαπλασιάσει το λίγο που του προσφέρουμε. Όταν δίνουμε ό,τι έχουμε με πίστη, Εκείνος το ευλογεί και το κάνει αρκετό για πολλούς.

Ο Φίλιππος απάντησε ότι διακόσια δηνάρια ψωμί δεν θα έφθαναν για να πάρει ο καθένας λίγο. Τότε ο Ανδρέας είπε: «Εδώ είναι ένα παιδί που έχει πέντε κρίθινα ψωμιά και δύο ψάρια, αλλά τι είναι αυτά για τόσους;».

Πόσες φορές κι εμείς λέμε: «Τι είναι τα λίγα μου για τόσες ανάγκες;». Κι όμως ο Χριστός περιμένει να του φέρουμε τα πέντε ψωμιά μας. Δεν ζητάει περισσότερα από όσα έχουμε.

Για πληροφορίες γράψτε: Σ. Ζωδιάτης, ΑΜG International, Chattanooga, Tenn. 37422, U.S.A.

ΣΠΥΡΟΣ ΖΩΔΙΑΤΗΣ

Βιομηχανία πλαστικών σωλήνων
ΠΟΛΥΡΟΥ ΕΠΕ
Σωλήνες πολυαιθυλενίου αρδεύσεως και αρδεύσεως υψηλής πιέσεως με σύγχρονο μηχάνημα κοπής
ΝΕΑ ΡΑΙΔΕΣΤΟΣ ΘΕΣΣΑΛΟΝΙΚΗΣ — ΤΗΛ. 499.316
Γιά τίς νέες πού ζητοῦν ἐργασία
Ή Didacta σᾶς ἐπιτρέπει νά ἀποκτήσετε τά ἀπαραίτητα ἐπαγγελματικά προσόντα χωρίς νά στερηθεῖτε τίς χαρές τοῦ καλοκαιριοῦ. Έτσι τό Σεπτέμβριο θά εἶστε ἕτοιμοι γιά νά πιάσετε μιά ἐνδιαφέρουσα δουλειά.
ΓΡΑΜΜΑΤΕΙΣ - ΛΟΓΙΣΤΕΣ - ΞΕΝ. ΓΛΩΣΣΕΣ TELEX - ΓΡΑΦΟΜΗΧΑΝΗ - ΣΤΕΝΟΓΡΑΦΙΑ
Σελίδα 6
